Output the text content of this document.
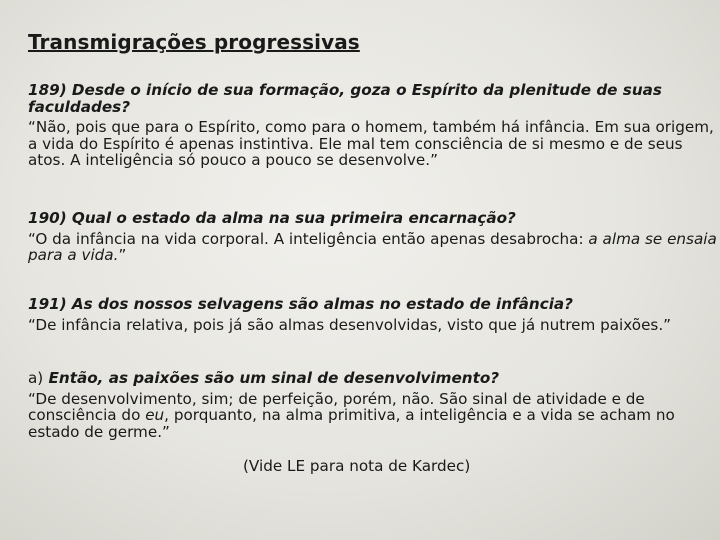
Transmigrações progressivas

189) Desde o início de sua formação, goza o Espírito da plenitude de suas faculdades?

“Não, pois que para o Espírito, como para o homem, também há infância. Em sua origem, a vida do Espírito é apenas instintiva. Ele mal tem consciência de si mesmo e de seus atos. A inteligência só pouco a pouco se desenvolve.”

190) Qual o estado da alma na sua primeira encarnação?

“O da infância na vida corporal. A inteligência então apenas desabrocha: a alma se ensaia para a vida.”

191) As dos nossos selvagens são almas no estado de infância?

“De infância relativa, pois já são almas desenvolvidas, visto que já nutrem paixões.”

a) Então, as paixões são um sinal de desenvolvimento?

“De desenvolvimento, sim; de perfeição, porém, não. São sinal de atividade e de consciência do eu, porquanto, na alma primitiva, a inteligência e a vida se acham no estado de germe.”

(Vide LE para nota de Kardec)
